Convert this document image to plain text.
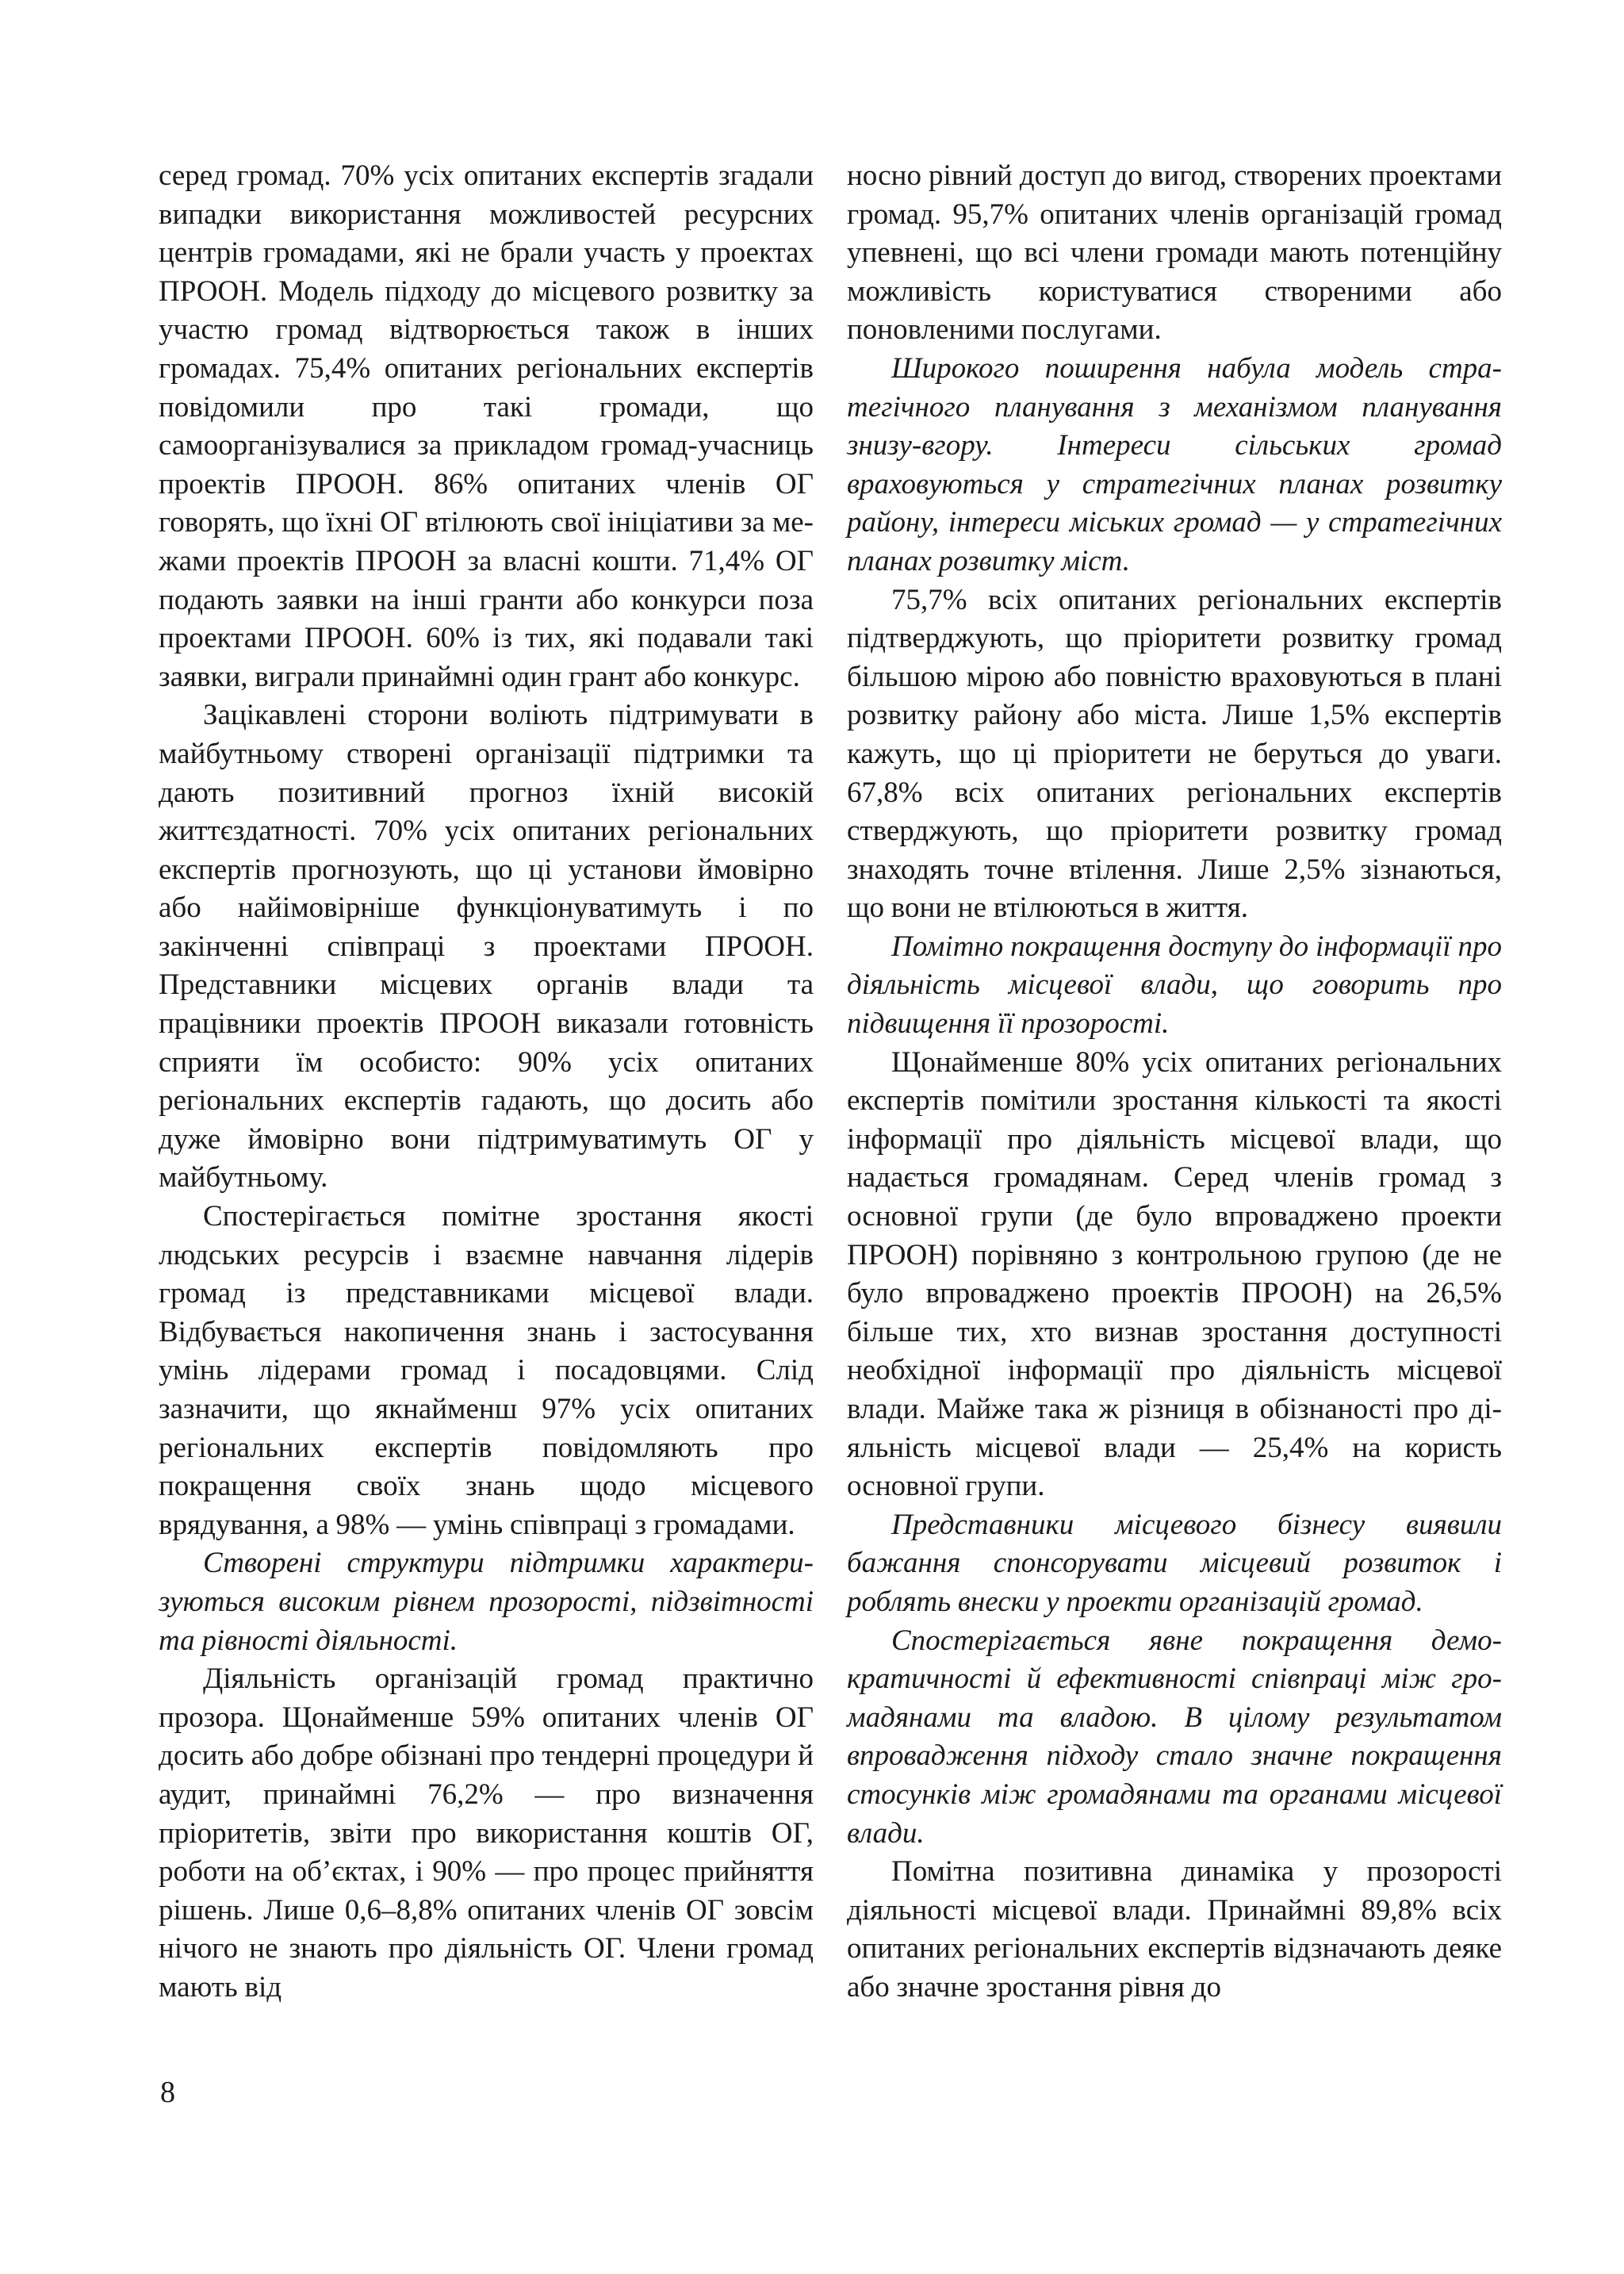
серед громад. 70% усіх опитаних експертів згадали випадки використання можливостей ресурсних центрів громадами, які не брали участь у проектах ПРООН. Модель підходу до місцевого розвитку за участю громад відтворюється також в інших громадах. 75,4% опитаних регіональних експертів повідомили про такі громади, що самоорганізувалися за прикладом громад-учасниць проектів ПРООН. 86% опитаних членів ОГ говорять, що їхні ОГ втілюють свої ініціативи за межами проектів ПРООН за власні кошти. 71,4% ОГ подають заявки на інші гранти або конкурси поза проектами ПРООН. 60% із тих, які подавали такі заявки, виграли принаймні один грант або конкурс.

Зацікавлені сторони воліють підтримувати в майбутньому створені організації підтримки та дають позитивний прогноз їхній високій життєздатності. 70% усіх опитаних регіональних експертів прогнозують, що ці установи ймовірно або найімовірніше функціонуватимуть і по закінченні співпраці з проектами ПРООН. Представники місцевих органів влади та працівники проектів ПРООН виказали готовність сприяти їм особисто: 90% усіх опитаних регіональних експертів гадають, що досить або дуже ймовірно вони підтримуватимуть ОГ у майбутньому.

Спостерігається помітне зростання якості людських ресурсів і взаємне навчання лідерів громад із представниками місцевої влади. Відбувається накопичення знань і застосування умінь лідерами громад і посадовцями. Слід зазначити, що якнайменш 97% усіх опитаних регіональних експертів повідомляють про покращення своїх знань щодо місцевого врядування, а 98% — умінь співпраці з громадами.

Створені структури підтримки характеризуються високим рівнем прозорості, підзвітності та рівності діяльності.

Діяльність організацій громад практично прозора. Щонайменше 59% опитаних членів ОГ досить або добре обізнані про тендерні процедури й аудит, принаймні 76,2% — про визначення пріоритетів, звіти про використання коштів ОГ, роботи на об’єктах, і 90% — про процес прийняття рішень. Лише 0,6–8,8% опитаних членів ОГ зовсім нічого не знають про діяльність ОГ. Члени громад мають від

носно рівний доступ до вигод, створених проектами громад. 95,7% опитаних членів організацій громад упевнені, що всі члени громади мають потенційну можливість користуватися створеними або поновленими послугами.

Широкого поширення набула модель стратегічного планування з механізмом планування знизу-вгору. Інтереси сільських громад враховуються у стратегічних планах розвитку району, інтереси міських громад — у стратегічних планах розвитку міст.

75,7% всіх опитаних регіональних експертів підтверджують, що пріоритети розвитку громад більшою мірою або повністю враховуються в плані розвитку району або міста. Лише 1,5% експертів кажуть, що ці пріоритети не беруться до уваги. 67,8% всіх опитаних регіональних експертів стверджують, що пріоритети розвитку громад знаходять точне втілення. Лише 2,5% зізнаються, що вони не втілюються в життя.

Помітно покращення доступу до інформації про діяльність місцевої влади, що говорить про підвищення її прозорості.

Щонайменше 80% усіх опитаних регіональних експертів помітили зростання кількості та якості інформації про діяльність місцевої влади, що надається громадянам. Серед членів громад з основної групи (де було впроваджено проекти ПРООН) порівняно з контрольною групою (де не було впроваджено проектів ПРООН) на 26,5% більше тих, хто визнав зростання доступності необхідної інформації про діяльність місцевої влади. Майже така ж різниця в обізнаності про діяльність місцевої влади — 25,4% на користь основної групи.

Представники місцевого бізнесу виявили бажання спонсорувати місцевий розвиток і роблять внески у проекти організацій громад.

Спостерігається явне покращення демократичності й ефективності співпраці між громадянами та владою. В цілому результатом впровадження підходу стало значне покращення стосунків між громадянами та органами місцевої влади.

Помітна позитивна динаміка у прозорості діяльності місцевої влади. Принаймні 89,8% всіх опитаних регіональних експертів відзначають деяке або значне зростання рівня до

8
